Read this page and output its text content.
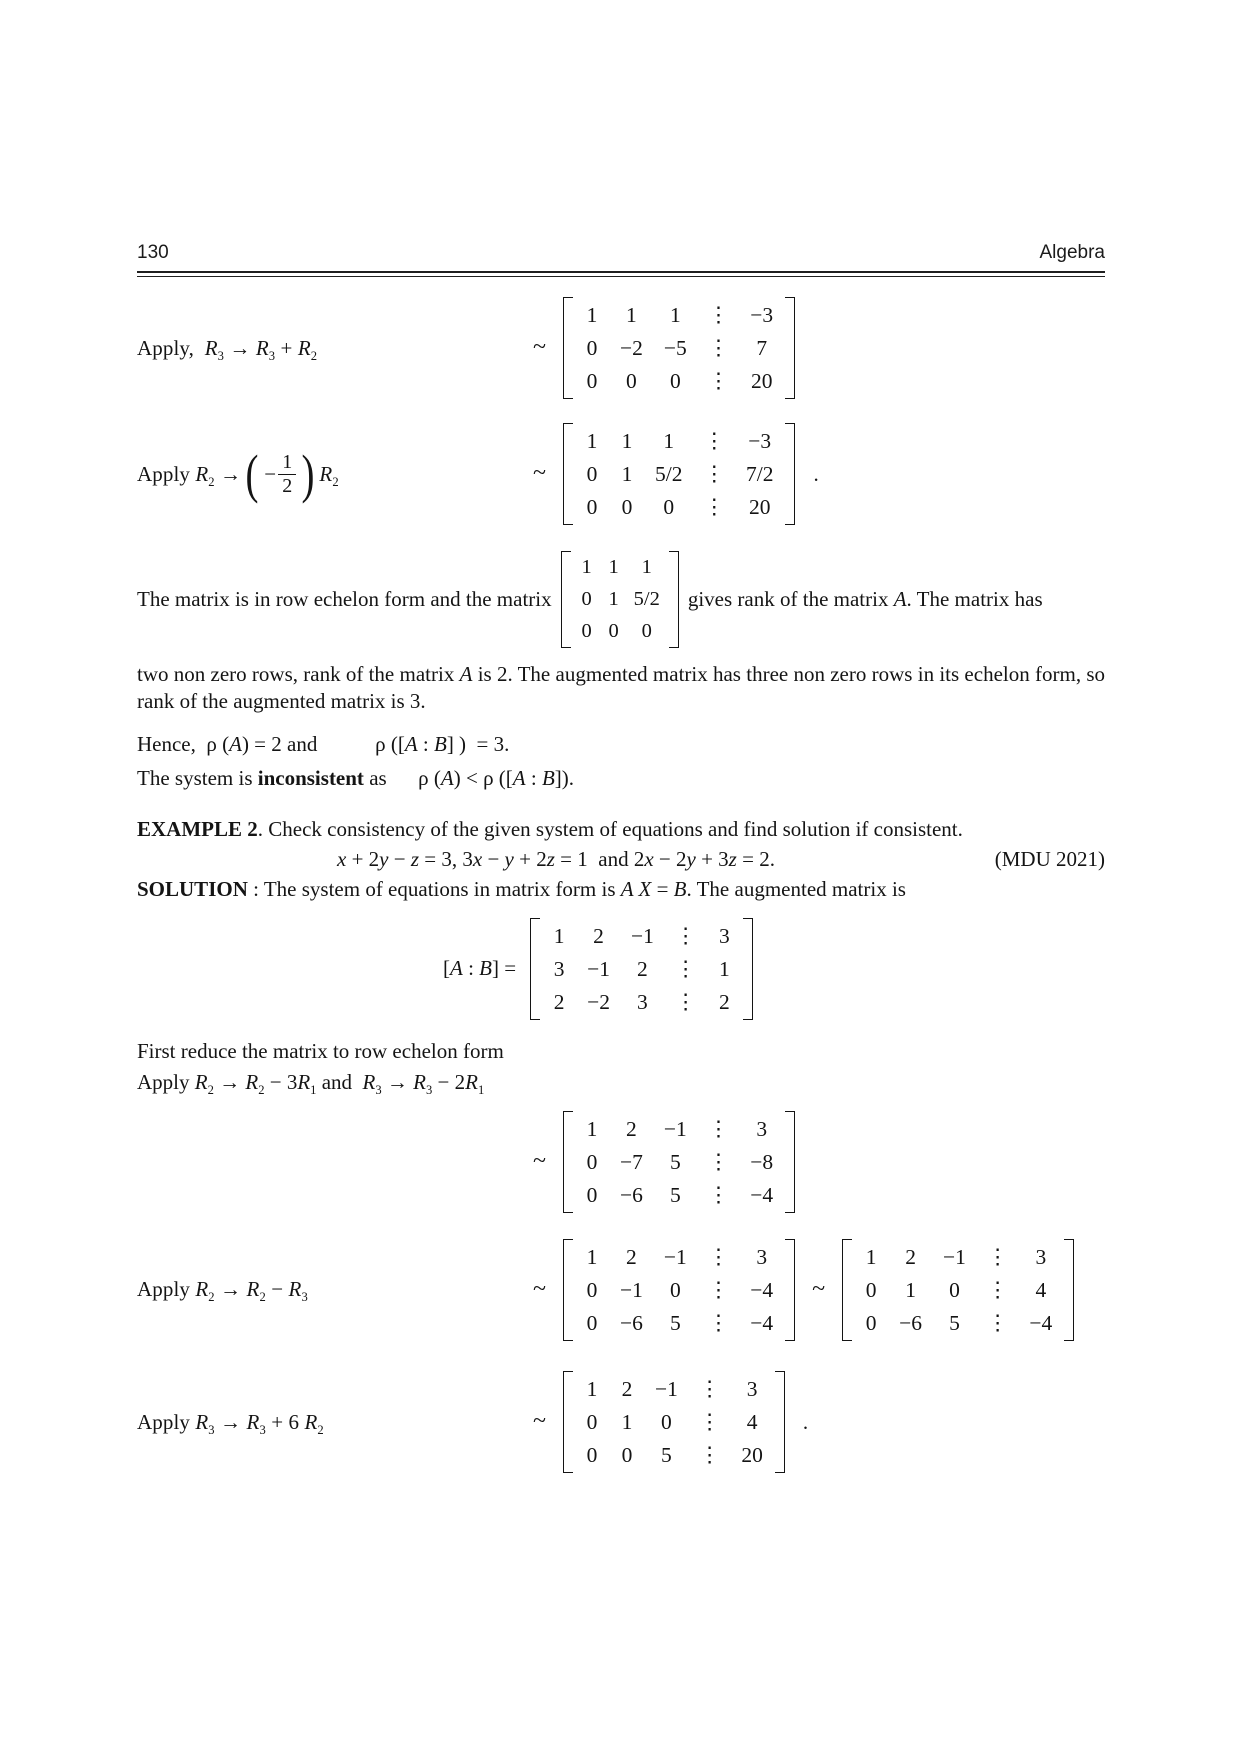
130	Algebra
Apply,  $R_3 \to R_3 + R_2$	~
1 1 1 ⋮ −3
0 −2 −5 ⋮ 7
0 0 0 ⋮ 20
Apply $R_2$ → ( − $\frac{1}{2}$ ) $R_2$	~
1 1 1 ⋮ −3
0 1 5/2 ⋮ 7/2
0 0 0 ⋮ 20
.
The matrix is in row echelon form and the matrix
1 1 1
0 1 5/2
0 0 0
gives rank of the matrix A. The matrix has

two non zero rows, rank of the matrix A is 2. The augmented matrix has three non zero rows in its echelon form, so rank of the augmented matrix is 3.

Hence,  ρ (A) = 2 and           ρ ([A : B] )  = 3.

The system is inconsistent as      ρ (A) < ρ ([A : B]).

EXAMPLE 2. Check consistency of the given system of equations and find solution if consistent.

x + 2y − z = 3, 3x − y + 2z = 1  and 2x − 2y + 3z = 2.	(MDU 2021)

SOLUTION : The system of equations in matrix form is A X = B. The augmented matrix is

[A : B] =
1 2 −1 ⋮ 3
3 −1 2 ⋮ 1
2 −2 3 ⋮ 2

First reduce the matrix to row echelon form

Apply $R_2 \to R_2 - 3R_1$ and  $R_3 \to R_3 - 2R_1$

~
1 2 −1 ⋮ 3
0 −7 5 ⋮ −8
0 −6 5 ⋮ −4
Apply $R_2 \to R_2 - R_3$	~
1 2 −1 ⋮ 3
0 −1 0 ⋮ −4
0 −6 5 ⋮ −4
~
1 2 −1 ⋮ 3
0 1 0 ⋮ 4
0 −6 5 ⋮ −4
Apply $R_3 \to R_3 + 6$ $R_2$	~
1 2 −1 ⋮ 3
0 1 0 ⋮ 4
0 0 5 ⋮ 20
.
